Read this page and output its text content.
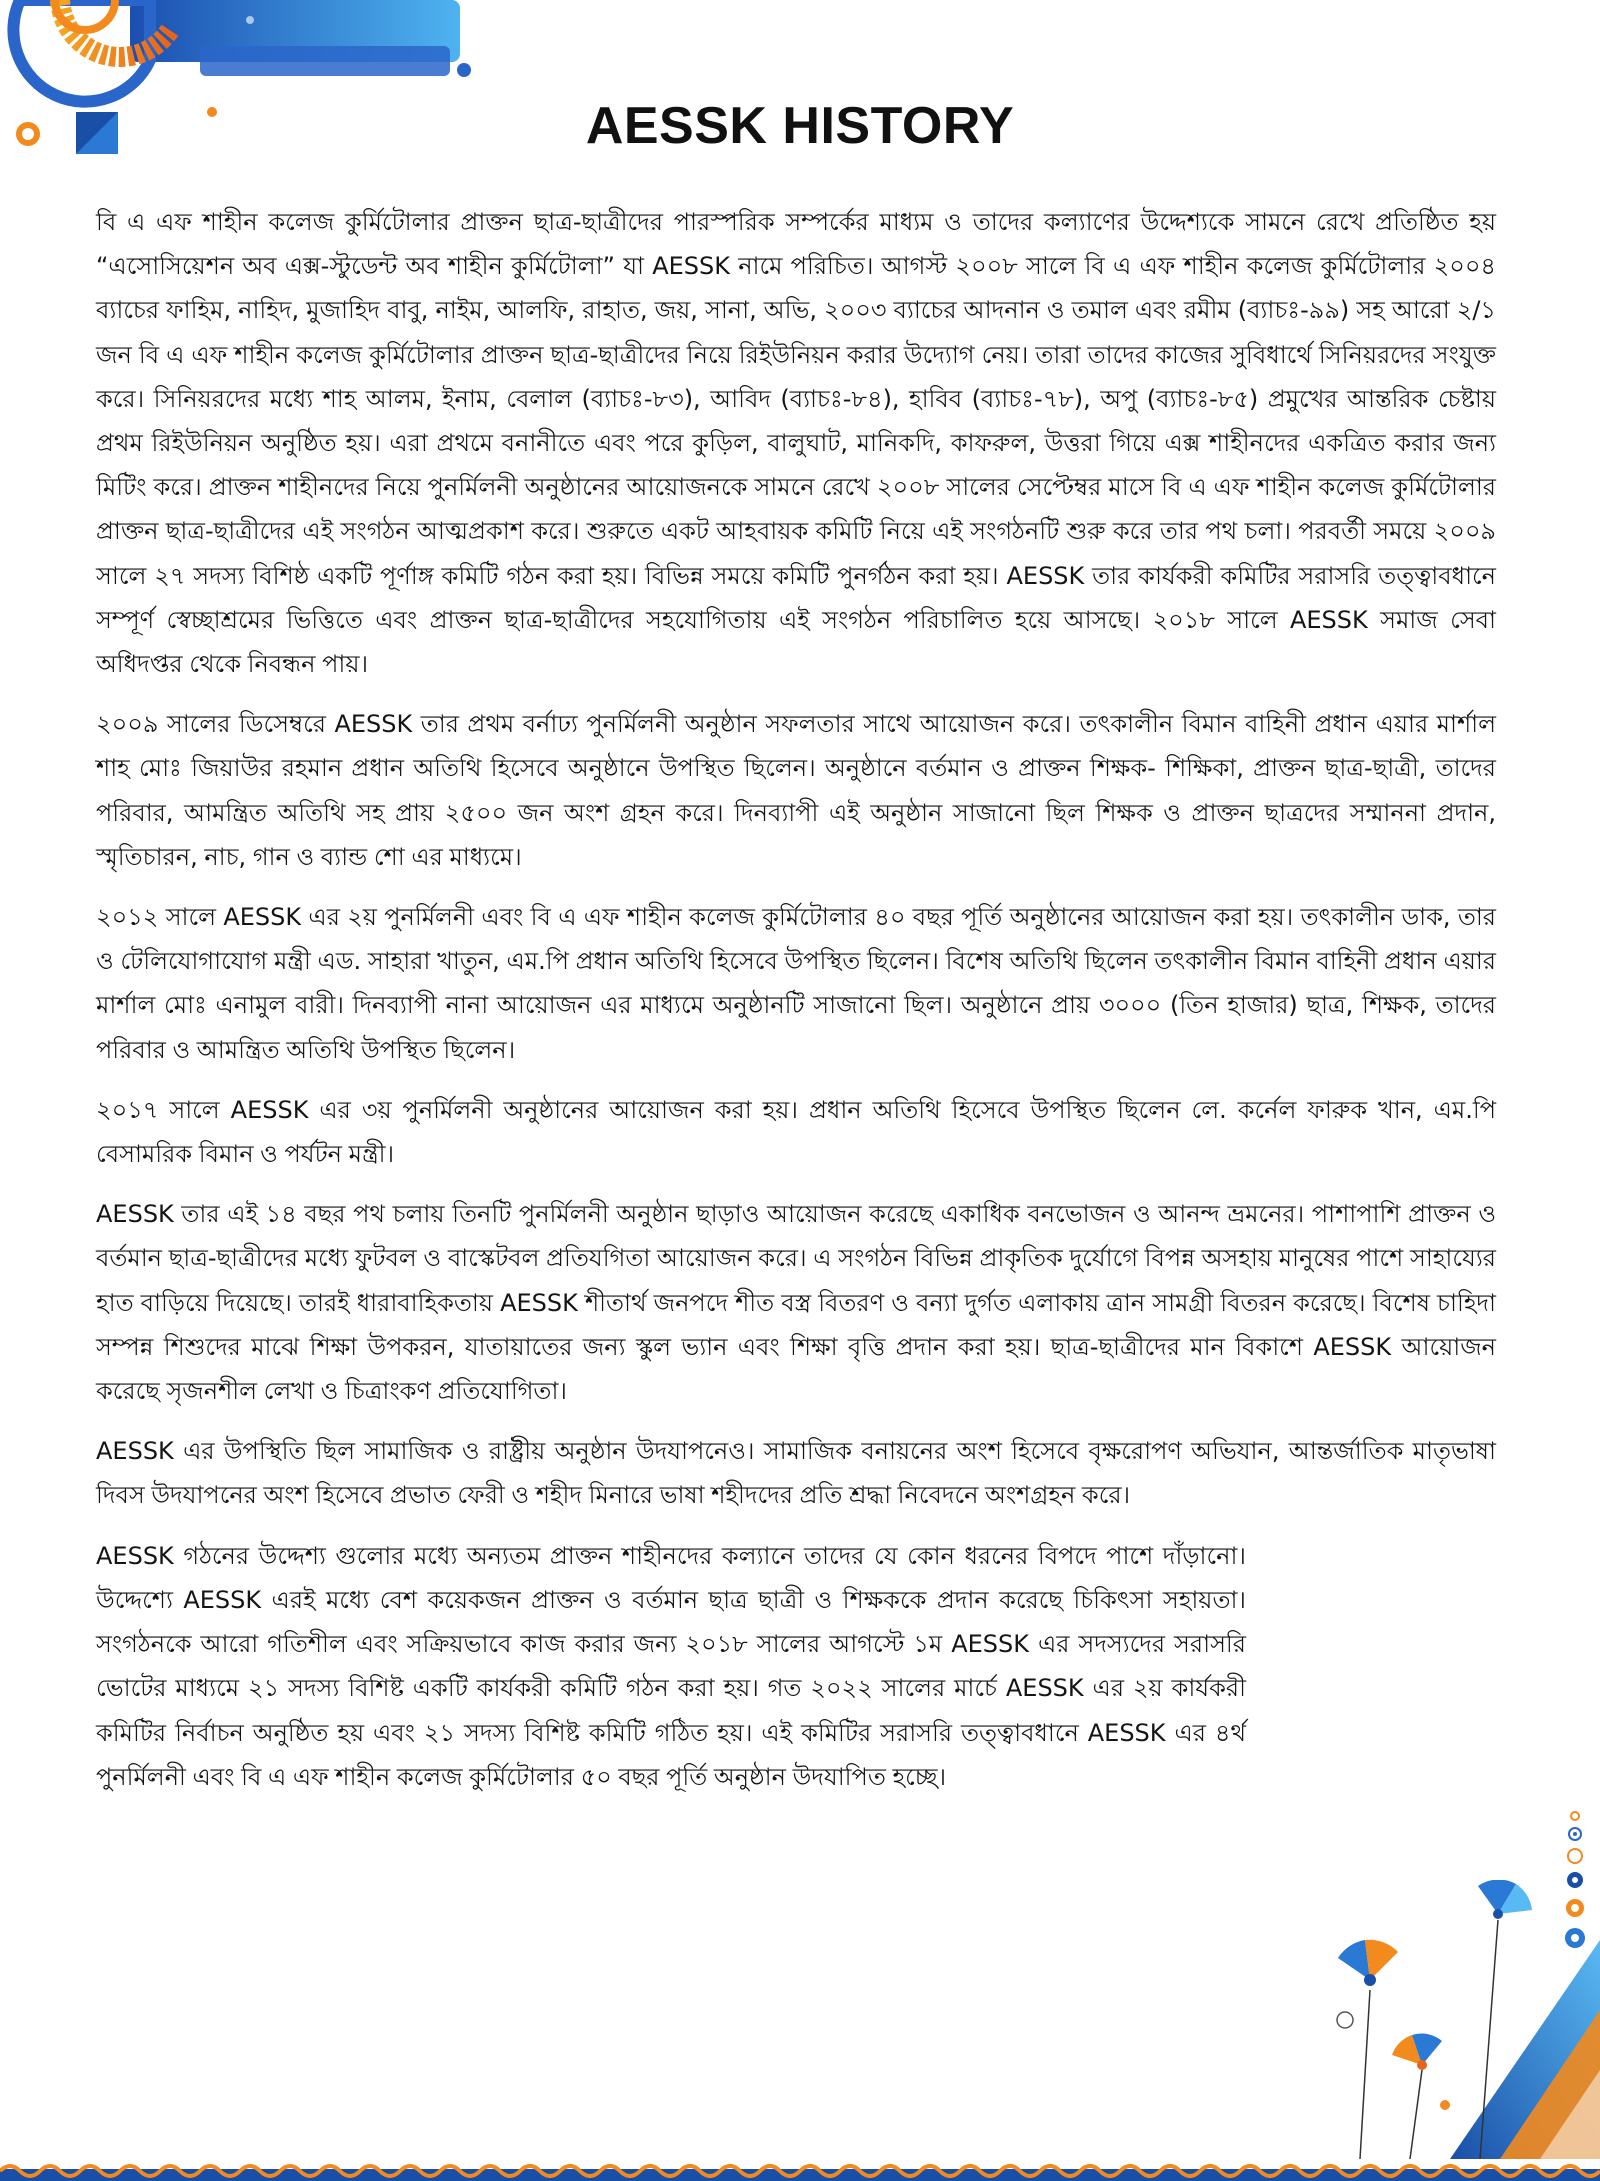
AESSK HISTORY

বি এ এফ শাহীন কলেজ কুর্মিটোলার প্রাক্তন ছাত্র-ছাত্রীদের পারস্পরিক সম্পর্কের মাধ্যম ও তাদের কল্যাণের উদ্দেশ্যকে সামনে রেখে প্রতিষ্ঠিত হয় “এসোসিয়েশন অব এক্স-স্টুডেন্ট অব শাহীন কুর্মিটোলা” যা AESSK নামে পরিচিত। আগস্ট ২০০৮ সালে বি এ এফ শাহীন কলেজ কুর্মিটোলার ২০০৪ ব্যাচের ফাহিম, নাহিদ, মুজাহিদ বাবু, নাইম, আলফি, রাহাত, জয়, সানা, অভি, ২০০৩ ব্যাচের আদনান ও তমাল এবং রমীম (ব্যাচঃ-৯৯) সহ আরো ২/১ জন বি এ এফ শাহীন কলেজ কুর্মিটোলার প্রাক্তন ছাত্র-ছাত্রীদের নিয়ে রিইউনিয়ন করার উদ্যোগ নেয়। তারা তাদের কাজের সুবিধার্থে সিনিয়রদের সংযুক্ত করে। সিনিয়রদের মধ্যে শাহ আলম, ইনাম, বেলাল (ব্যাচঃ-৮৩), আবিদ (ব্যাচঃ-৮৪), হাবিব (ব্যাচঃ-৭৮), অপু (ব্যাচঃ-৮৫) প্রমুখের আন্তরিক চেষ্টায় প্রথম রিইউনিয়ন অনুষ্ঠিত হয়। এরা প্রথমে বনানীতে এবং পরে কুড়িল, বালুঘাট, মানিকদি, কাফরুল, উত্তরা গিয়ে এক্স শাহীনদের একত্রিত করার জন্য মিটিং করে। প্রাক্তন শাহীনদের নিয়ে পুনর্মিলনী অনুষ্ঠানের আয়োজনকে সামনে রেখে ২০০৮ সালের সেপ্টেম্বর মাসে বি এ এফ শাহীন কলেজ কুর্মিটোলার প্রাক্তন ছাত্র-ছাত্রীদের এই সংগঠন আত্মপ্রকাশ করে। শুরুতে একট আহবায়ক কমিটি নিয়ে এই সংগঠনটি শুরু করে তার পথ চলা। পরবর্তী সময়ে ২০০৯ সালে ২৭ সদস্য বিশিষ্ঠ একটি পূর্ণাঙ্গ কমিটি গঠন করা হয়। বিভিন্ন সময়ে কমিটি পুনর্গঠন করা হয়। AESSK তার কার্যকরী কমিটির সরাসরি তত্ত্বাবধানে সম্পূর্ণ স্বেচ্ছাশ্রমের ভিত্তিতে এবং প্রাক্তন ছাত্র-ছাত্রীদের সহযোগিতায় এই সংগঠন পরিচালিত হয়ে আসছে। ২০১৮ সালে AESSK সমাজ সেবা অধিদপ্তর থেকে নিবন্ধন পায়।

২০০৯ সালের ডিসেম্বরে AESSK তার প্রথম বর্নাঢ্য পুনর্মিলনী অনুষ্ঠান সফলতার সাথে আয়োজন করে। তৎকালীন বিমান বাহিনী প্রধান এয়ার মার্শাল শাহ মোঃ জিয়াউর রহমান প্রধান অতিথি হিসেবে অনুষ্ঠানে উপস্থিত ছিলেন। অনুষ্ঠানে বর্তমান ও প্রাক্তন শিক্ষক- শিক্ষিকা, প্রাক্তন ছাত্র-ছাত্রী, তাদের পরিবার, আমন্ত্রিত অতিথি সহ প্রায় ২৫০০ জন অংশ গ্রহন করে। দিনব্যাপী এই অনুষ্ঠান সাজানো ছিল শিক্ষক ও প্রাক্তন ছাত্রদের সম্মাননা প্রদান, স্মৃতিচারন, নাচ, গান ও ব্যান্ড শো এর মাধ্যমে।

২০১২ সালে AESSK এর ২য় পুনর্মিলনী এবং বি এ এফ শাহীন কলেজ কুর্মিটোলার ৪০ বছর পূর্তি অনুষ্ঠানের আয়োজন করা হয়। তৎকালীন ডাক, তার ও টেলিযোগাযোগ মন্ত্রী এড. সাহারা খাতুন, এম.পি প্রধান অতিথি হিসেবে উপস্থিত ছিলেন। বিশেষ অতিথি ছিলেন তৎকালীন বিমান বাহিনী প্রধান এয়ার মার্শাল মোঃ এনামুল বারী। দিনব্যাপী নানা আয়োজন এর মাধ্যমে অনুষ্ঠানটি সাজানো ছিল। অনুষ্ঠানে প্রায় ৩০০০ (তিন হাজার) ছাত্র, শিক্ষক, তাদের পরিবার ও আমন্ত্রিত অতিথি উপস্থিত ছিলেন।

২০১৭ সালে AESSK এর ৩য় পুনর্মিলনী অনুষ্ঠানের আয়োজন করা হয়। প্রধান অতিথি হিসেবে উপস্থিত ছিলেন লে. কর্নেল ফারুক খান, এম.পি বেসামরিক বিমান ও পর্যটন মন্ত্রী।

AESSK তার এই ১৪ বছর পথ চলায় তিনটি পুনর্মিলনী অনুষ্ঠান ছাড়াও আয়োজন করেছে একাধিক বনভোজন ও আনন্দ ভ্রমনের। পাশাপাশি প্রাক্তন ও বর্তমান ছাত্র-ছাত্রীদের মধ্যে ফুটবল ও বাস্কেটবল প্রতিযগিতা আয়োজন করে। এ সংগঠন বিভিন্ন প্রাকৃতিক দুর্যোগে বিপন্ন অসহায় মানুষের পাশে সাহায্যের হাত বাড়িয়ে দিয়েছে। তারই ধারাবাহিকতায় AESSK শীতার্থ জনপদে শীত বস্ত্র বিতরণ ও বন্যা দুর্গত এলাকায় ত্রান সামগ্রী বিতরন করেছে। বিশেষ চাহিদা সম্পন্ন শিশুদের মাঝে শিক্ষা উপকরন, যাতায়াতের জন্য স্কুল ভ্যান এবং শিক্ষা বৃত্তি প্রদান করা হয়। ছাত্র-ছাত্রীদের মান বিকাশে AESSK আয়োজন করেছে সৃজনশীল লেখা ও চিত্রাংকণ প্রতিযোগিতা।

AESSK এর উপস্থিতি ছিল সামাজিক ও রাষ্ট্রীয় অনুষ্ঠান উদযাপনেও। সামাজিক বনায়নের অংশ হিসেবে বৃক্ষরোপণ অভিযান, আন্তর্জাতিক মাতৃভাষা দিবস উদযাপনের অংশ হিসেবে প্রভাত ফেরী ও শহীদ মিনারে ভাষা শহীদদের প্রতি শ্রদ্ধা নিবেদনে অংশগ্রহন করে।

AESSK গঠনের উদ্দেশ্য গুলোর মধ্যে অন্যতম প্রাক্তন শাহীনদের কল্যানে তাদের যে কোন ধরনের বিপদে পাশে দাঁড়ানো। উদ্দেশ্যে AESSK এরই মধ্যে বেশ কয়েকজন প্রাক্তন ও বর্তমান ছাত্র ছাত্রী ও শিক্ষককে প্রদান করেছে চিকিৎসা সহায়তা। সংগঠনকে আরো গতিশীল এবং সক্রিয়ভাবে কাজ করার জন্য ২০১৮ সালের আগস্টে ১ম AESSK এর সদস্যদের সরাসরি ভোটের মাধ্যমে ২১ সদস্য বিশিষ্ট একটি কার্যকরী কমিটি গঠন করা হয়। গত ২০২২ সালের মার্চে AESSK এর ২য় কার্যকরী কমিটির নির্বাচন অনুষ্ঠিত হয় এবং ২১ সদস্য বিশিষ্ট কমিটি গঠিত হয়। এই কমিটির সরাসরি তত্ত্বাবধানে AESSK এর ৪র্থ পুনর্মিলনী এবং বি এ এফ শাহীন কলেজ কুর্মিটোলার ৫০ বছর পূর্তি অনুষ্ঠান উদযাপিত হচ্ছে।
